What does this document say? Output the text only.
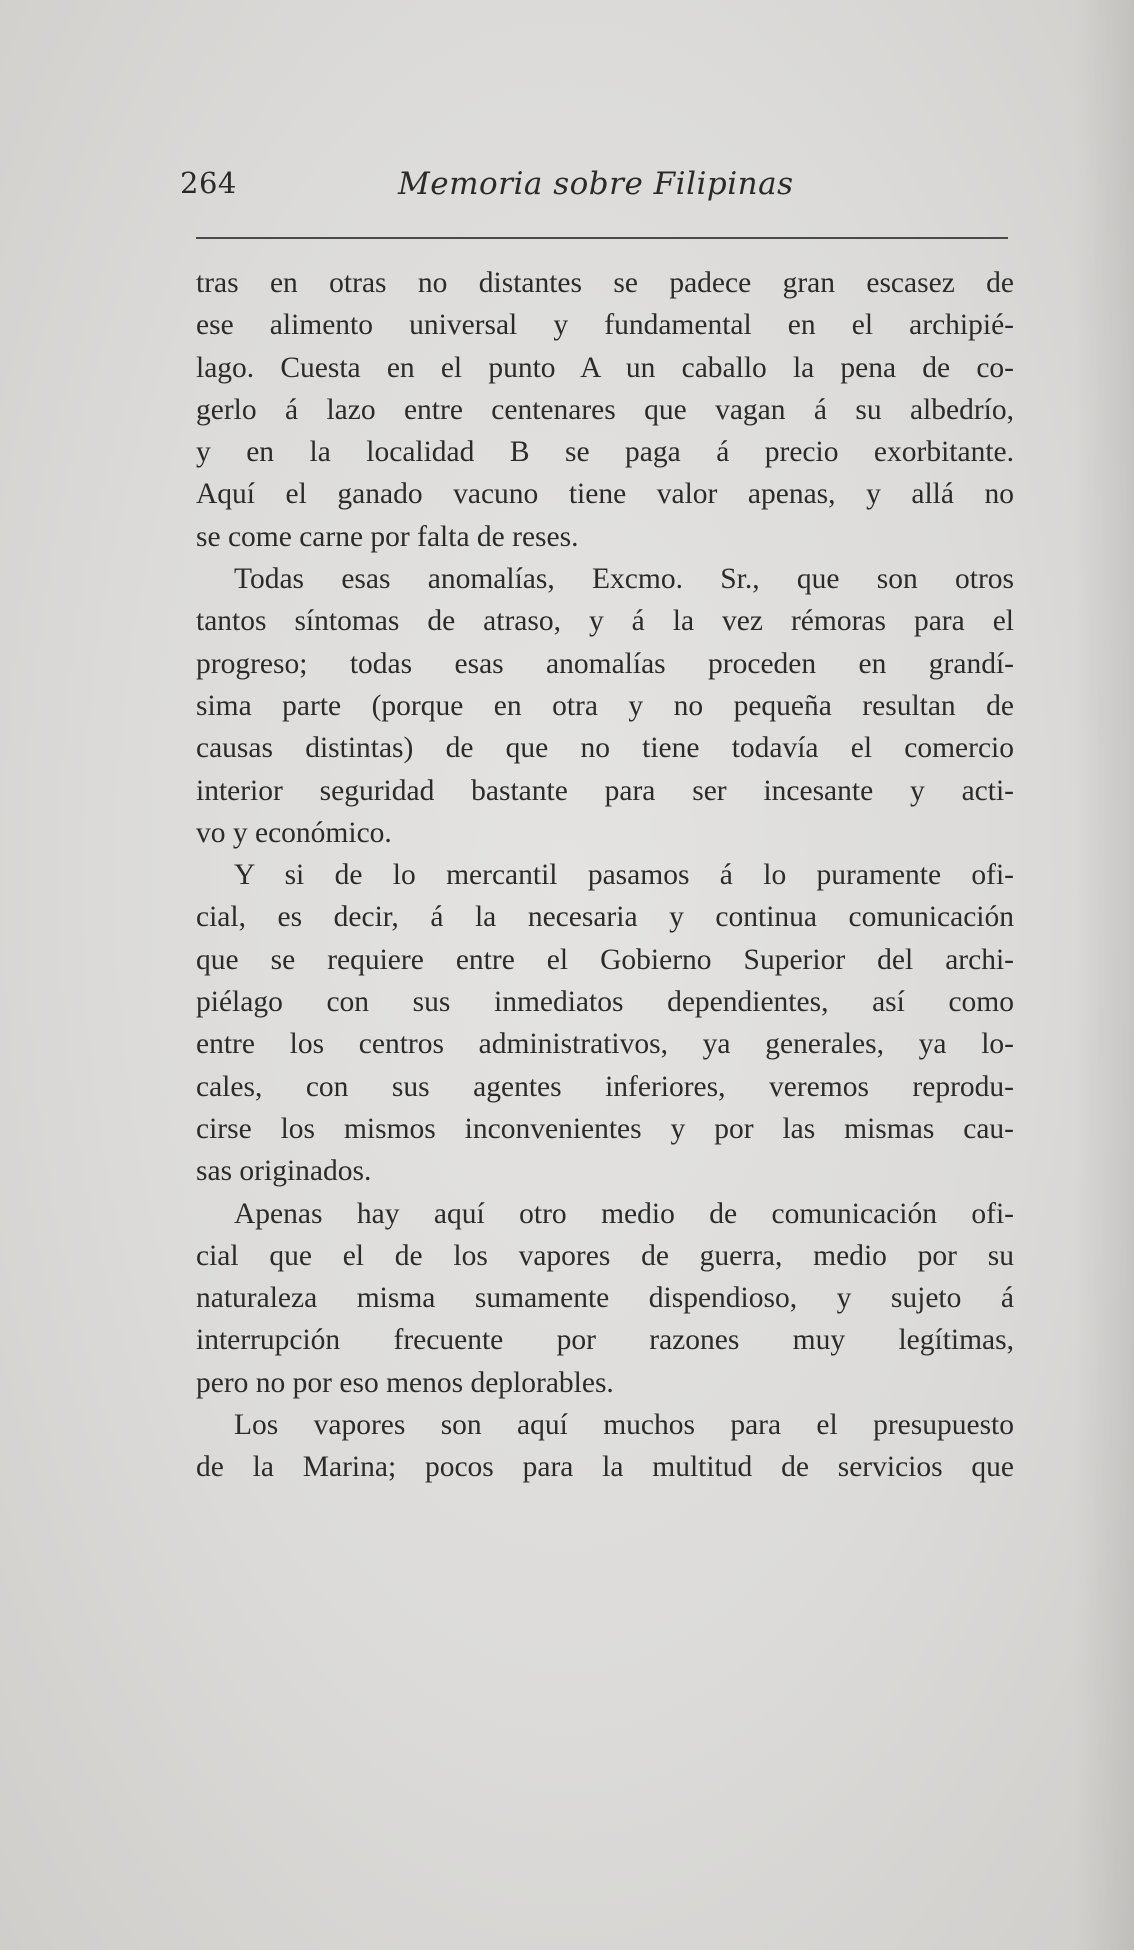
264	Memoria sobre Filipinas

tras en otras no distantes se padece gran escasez de
ese alimento universal y fundamental en el archipié-
lago. Cuesta en el punto A un caballo la pena de co-
gerlo á lazo entre centenares que vagan á su albedrío,
y en la localidad B se paga á precio exorbitante.
Aquí el ganado vacuno tiene valor apenas, y allá no
se come carne por falta de reses.

Todas esas anomalías, Excmo. Sr., que son otros
tantos síntomas de atraso, y á la vez rémoras para el
progreso; todas esas anomalías proceden en grandí-
sima parte (porque en otra y no pequeña resultan de
causas distintas) de que no tiene todavía el comercio
interior seguridad bastante para ser incesante y acti-
vo y económico.

Y si de lo mercantil pasamos á lo puramente ofi-
cial, es decir, á la necesaria y continua comunicación
que se requiere entre el Gobierno Superior del archi-
piélago con sus inmediatos dependientes, así como
entre los centros administrativos, ya generales, ya lo-
cales, con sus agentes inferiores, veremos reprodu-
cirse los mismos inconvenientes y por las mismas cau-
sas originados.

Apenas hay aquí otro medio de comunicación ofi-
cial que el de los vapores de guerra, medio por su
naturaleza misma sumamente dispendioso, y sujeto á
interrupción frecuente por razones muy legítimas,
pero no por eso menos deplorables.

Los vapores son aquí muchos para el presupuesto
de la Marina; pocos para la multitud de servicios que
